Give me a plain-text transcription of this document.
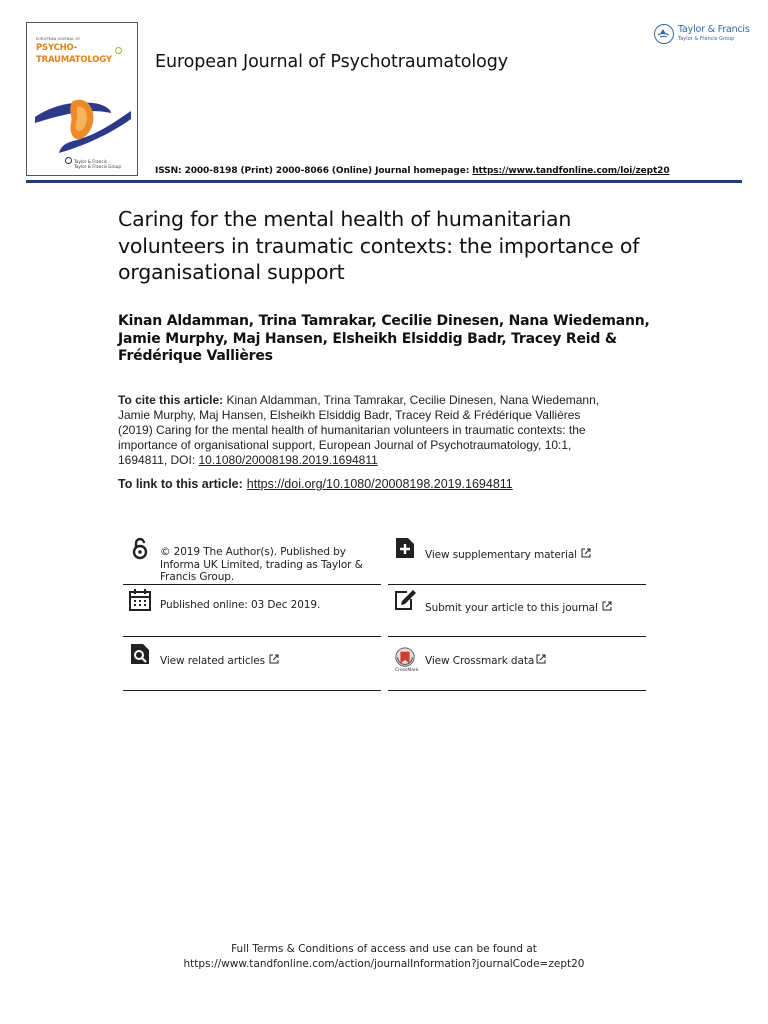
EUROPEAN JOURNAL OF
PSYCHO-
TRAUMATOLOGY
Taylor & Francis
Taylor & Francis Group
European Journal of Psychotraumatology
Taylor & Francis
Taylor & Francis Group
ISSN: 2000-8198 (Print) 2000-8066 (Online) Journal homepage: https://www.tandfonline.com/loi/zept20
Caring for the mental health of humanitarian volunteers in traumatic contexts: the importance of organisational support
Kinan Aldamman, Trina Tamrakar, Cecilie Dinesen, Nana Wiedemann, Jamie Murphy, Maj Hansen, Elsheikh Elsiddig Badr, Tracey Reid & Frédérique Vallières
To cite this article: Kinan Aldamman, Trina Tamrakar, Cecilie Dinesen, Nana Wiedemann, Jamie Murphy, Maj Hansen, Elsheikh Elsiddig Badr, Tracey Reid & Frédérique Vallières (2019) Caring for the mental health of humanitarian volunteers in traumatic contexts: the importance of organisational support, European Journal of Psychotraumatology, 10:1, 1694811, DOI: 10.1080/20008198.2019.1694811
To link to this article: https://doi.org/10.1080/20008198.2019.1694811
© 2019 The Author(s). Published by Informa UK Limited, trading as Taylor & Francis Group.
View supplementary material
Published online: 03 Dec 2019.	Submit your article to this journal
View related articles
CrossMark
View Crossmark data
Full Terms & Conditions of access and use can be found at
https://www.tandfonline.com/action/journalInformation?journalCode=zept20
